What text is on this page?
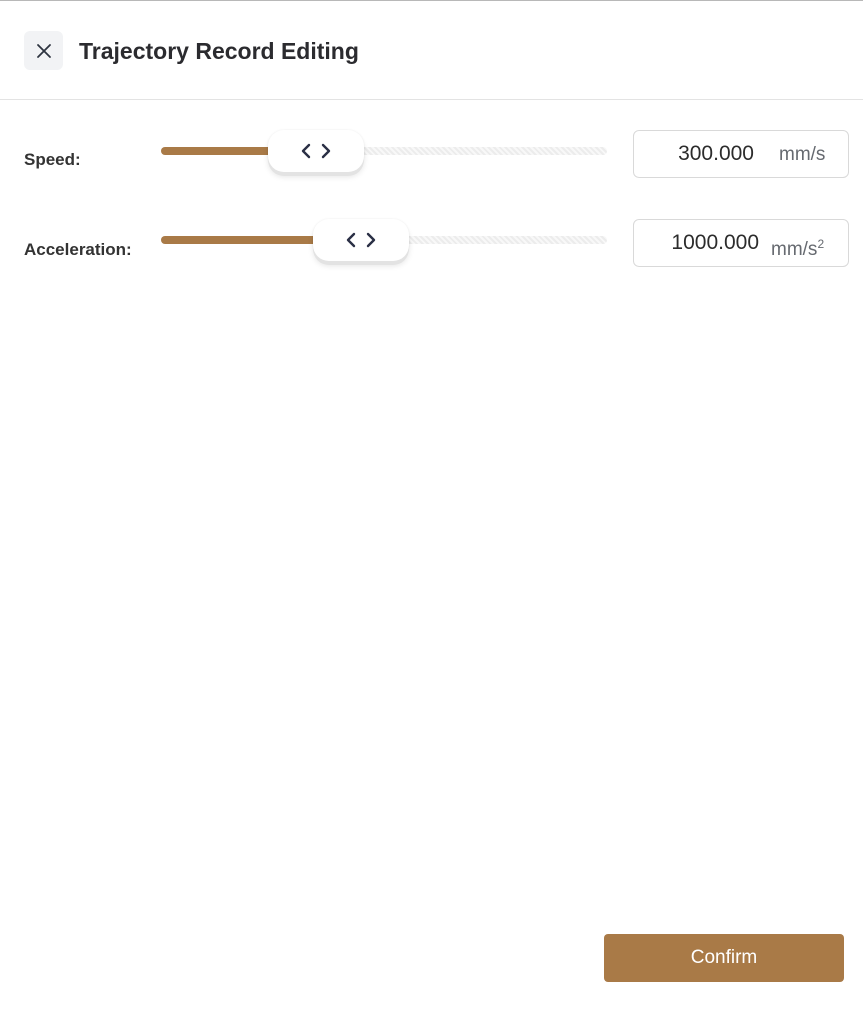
Trajectory Record Editing
Speed:
300.000	mm/s
Acceleration:
1000.000	$mm/s^2$
Confirm
